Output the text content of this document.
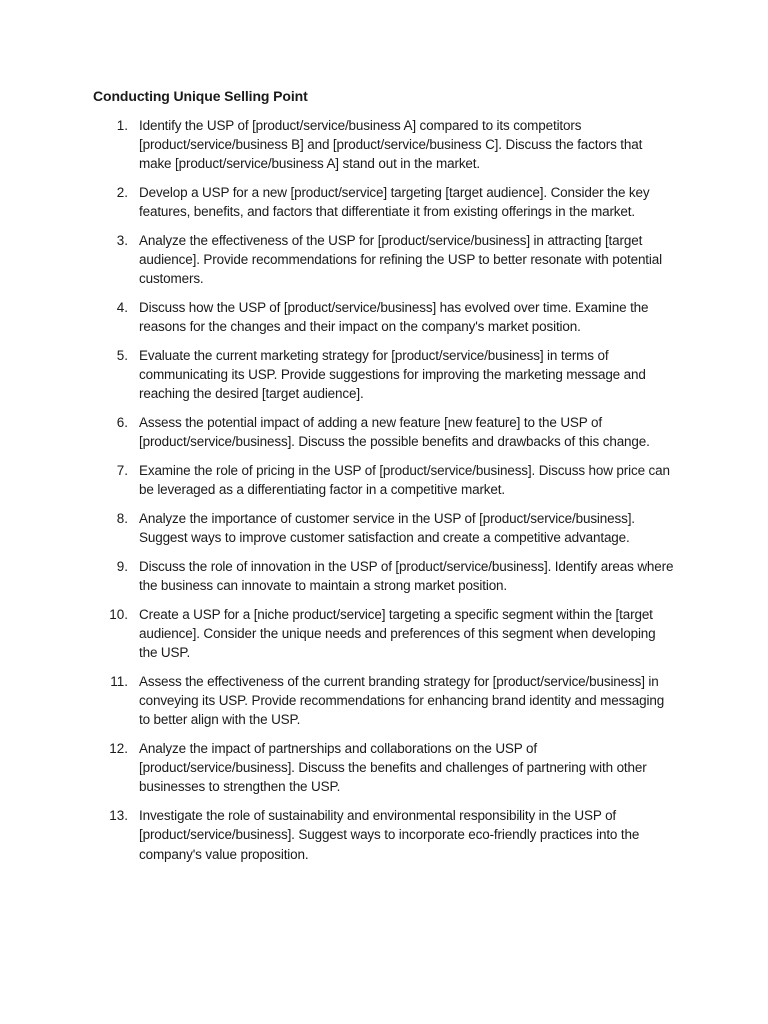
Conducting Unique Selling Point
1. Identify the USP of [product/service/business A] compared to its competitors [product/service/business B] and [product/service/business C]. Discuss the factors that make [product/service/business A] stand out in the market.
2. Develop a USP for a new [product/service] targeting [target audience]. Consider the key features, benefits, and factors that differentiate it from existing offerings in the market.
3. Analyze the effectiveness of the USP for [product/service/business] in attracting [target audience]. Provide recommendations for refining the USP to better resonate with potential customers.
4. Discuss how the USP of [product/service/business] has evolved over time. Examine the reasons for the changes and their impact on the company's market position.
5. Evaluate the current marketing strategy for [product/service/business] in terms of communicating its USP. Provide suggestions for improving the marketing message and reaching the desired [target audience].
6. Assess the potential impact of adding a new feature [new feature] to the USP of [product/service/business]. Discuss the possible benefits and drawbacks of this change.
7. Examine the role of pricing in the USP of [product/service/business]. Discuss how price can be leveraged as a differentiating factor in a competitive market.
8. Analyze the importance of customer service in the USP of [product/service/business]. Suggest ways to improve customer satisfaction and create a competitive advantage.
9. Discuss the role of innovation in the USP of [product/service/business]. Identify areas where the business can innovate to maintain a strong market position.
10. Create a USP for a [niche product/service] targeting a specific segment within the [target audience]. Consider the unique needs and preferences of this segment when developing the USP.
11. Assess the effectiveness of the current branding strategy for [product/service/business] in conveying its USP. Provide recommendations for enhancing brand identity and messaging to better align with the USP.
12. Analyze the impact of partnerships and collaborations on the USP of [product/service/business]. Discuss the benefits and challenges of partnering with other businesses to strengthen the USP.
13. Investigate the role of sustainability and environmental responsibility in the USP of [product/service/business]. Suggest ways to incorporate eco-friendly practices into the company's value proposition.
